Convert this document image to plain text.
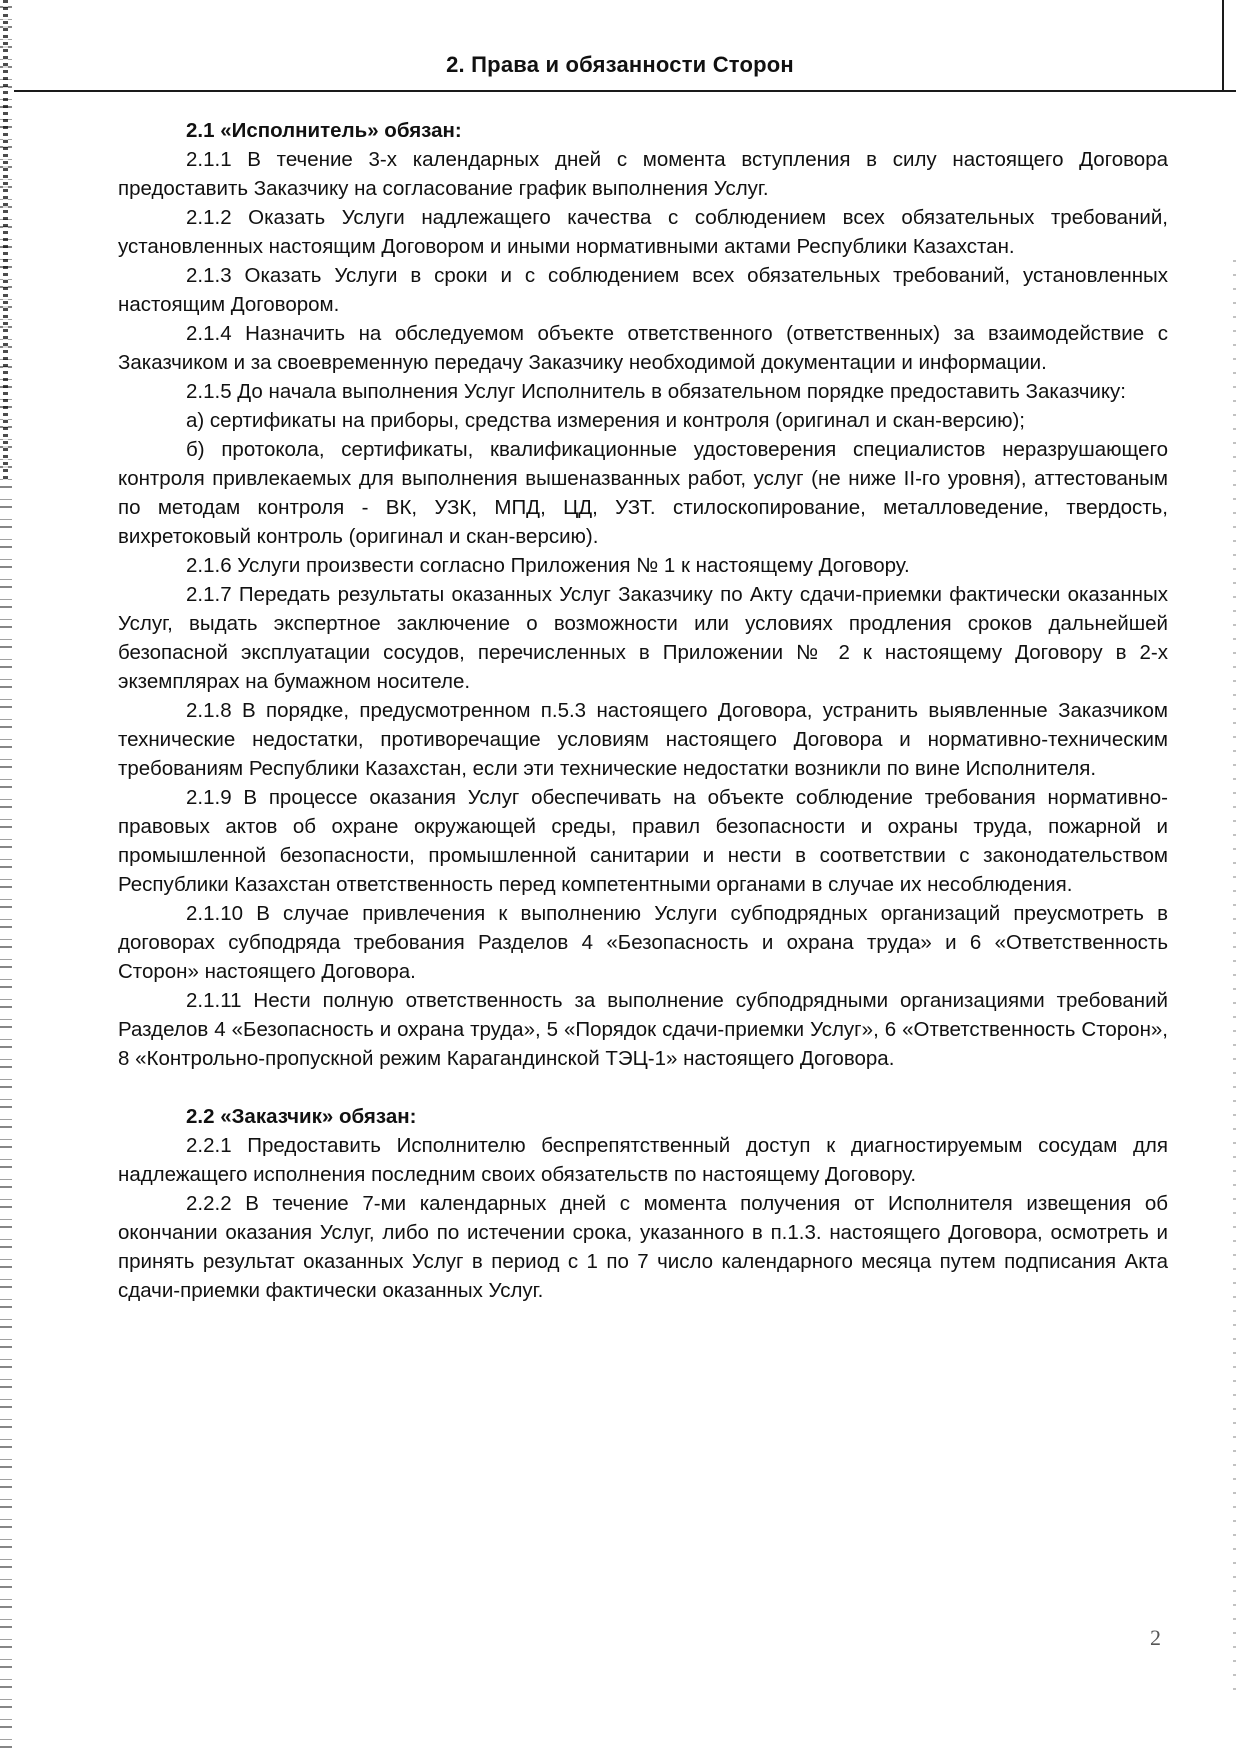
2. Права и обязанности Сторон
2.1 «Исполнитель» обязан:

2.1.1 В течение 3-х календарных дней с момента вступления в силу настоящего Договора предоставить Заказчику на согласование график выполнения Услуг.

2.1.2 Оказать Услуги надлежащего качества с соблюдением всех обязательных требований, установленных настоящим Договором и иными нормативными актами Республики Казахстан.

2.1.3 Оказать Услуги в сроки и с соблюдением всех обязательных требований, установленных настоящим Договором.

2.1.4 Назначить на обследуемом объекте ответственного (ответственных) за взаимодействие с Заказчиком и за своевременную передачу Заказчику необходимой документации и информации.

2.1.5 До начала выполнения Услуг Исполнитель в обязательном порядке предоставить Заказчику:

а) сертификаты на приборы, средства измерения и контроля (оригинал и скан-версию);

б) протокола, сертификаты, квалификационные удостоверения специалистов неразрушающего контроля привлекаемых для выполнения вышеназванных работ, услуг (не ниже II-го уровня), аттестованым по методам контроля - ВК, УЗК, МПД, ЦД, УЗТ. стилоскопирование, металловедение, твердость, вихретоковый контроль (оригинал и скан-версию).

2.1.6 Услуги произвести согласно Приложения № 1 к настоящему Договору.

2.1.7 Передать результаты оказанных Услуг Заказчику по Акту сдачи-приемки фактически оказанных Услуг, выдать экспертное заключение о возможности или условиях продления сроков дальнейшей безопасной эксплуатации сосудов, перечисленных в Приложении № 2 к настоящему Договору в 2-х экземплярах на бумажном носителе.

2.1.8 В порядке, предусмотренном п.5.3 настоящего Договора, устранить выявленные Заказчиком технические недостатки, противоречащие условиям настоящего Договора и нормативно-техническим требованиям Республики Казахстан, если эти технические недостатки возникли по вине Исполнителя.

2.1.9 В процессе оказания Услуг обеспечивать на объекте соблюдение требования нормативно-правовых актов об охране окружающей среды, правил безопасности и охраны труда, пожарной и промышленной безопасности, промышленной санитарии и нести в соответствии с законодательством Республики Казахстан ответственность перед компетентными органами в случае их несоблюдения.

2.1.10 В случае привлечения к выполнению Услуги субподрядных организаций преусмотреть в договорах субподряда требования Разделов 4 «Безопасность и охрана труда» и 6 «Ответственность Сторон» настоящего Договора.

2.1.11 Нести полную ответственность за выполнение субподрядными организациями требований Разделов 4 «Безопасность и охрана труда», 5 «Порядок сдачи-приемки Услуг», 6 «Ответственность Сторон», 8 «Контрольно-пропускной режим Карагандинской ТЭЦ-1» настоящего Договора.

2.2 «Заказчик» обязан:

2.2.1 Предоставить Исполнителю беспрепятственный доступ к диагностируемым сосудам для надлежащего исполнения последним своих обязательств по настоящему Договору.

2.2.2 В течение 7-ми календарных дней с момента получения от Исполнителя извещения об окончании оказания Услуг, либо по истечении срока, указанного в п.1.3. настоящего Договора, осмотреть и принять результат оказанных Услуг в период с 1 по 7 число календарного месяца путем подписания Акта сдачи-приемки фактически оказанных Услуг.

2
